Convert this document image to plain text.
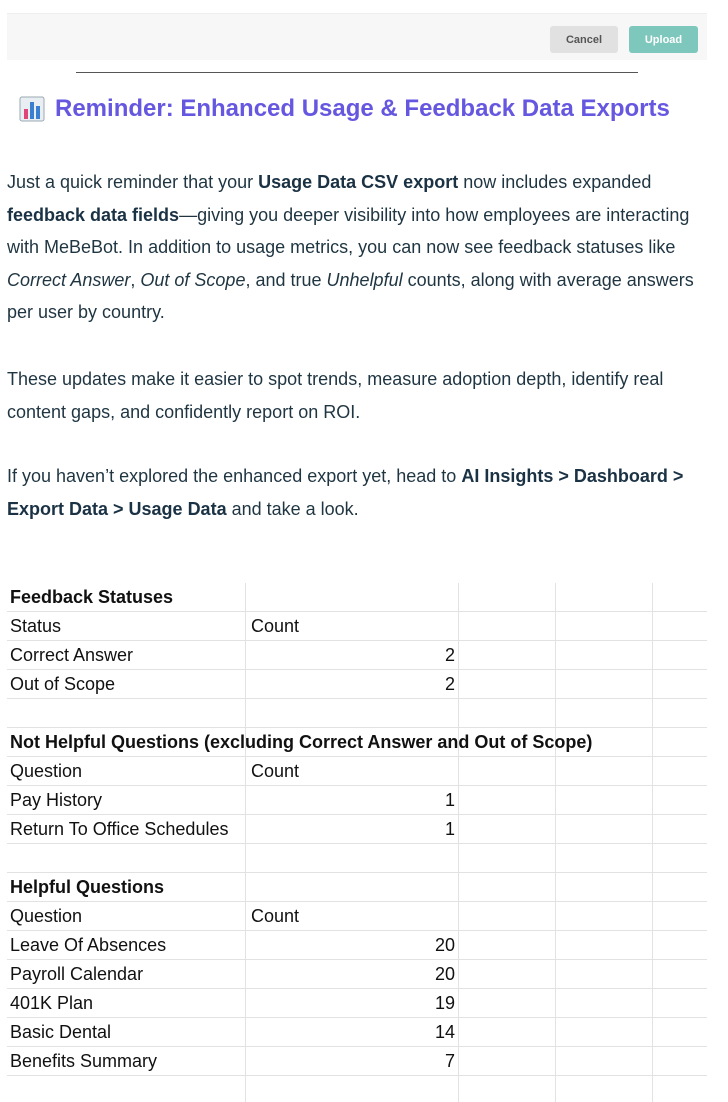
Cancel	Upload
Reminder: Enhanced Usage & Feedback Data Exports

Just a quick reminder that your Usage Data CSV export now includes expanded feedback data fields—giving you deeper visibility into how employees are interacting with MeBeBot. In addition to usage metrics, you can now see feedback statuses like Correct Answer, Out of Scope, and true Unhelpful counts, along with average answers per user by country.

These updates make it easier to spot trends, measure adoption depth, identify real content gaps, and confidently report on ROI.

If you haven’t explored the enhanced export yet, head to AI Insights > Dashboard > Export Data > Usage Data and take a look.

Feedback Statuses
Status	Count
Correct Answer	2
Out of Scope	2
Not Helpful Questions (excluding Correct Answer and Out of Scope)
Question	Count
Pay History	1
Return To Office Schedules	1
Helpful Questions
Question	Count
Leave Of Absences	20
Payroll Calendar	20
401K Plan	19
Basic Dental	14
Benefits Summary	7
